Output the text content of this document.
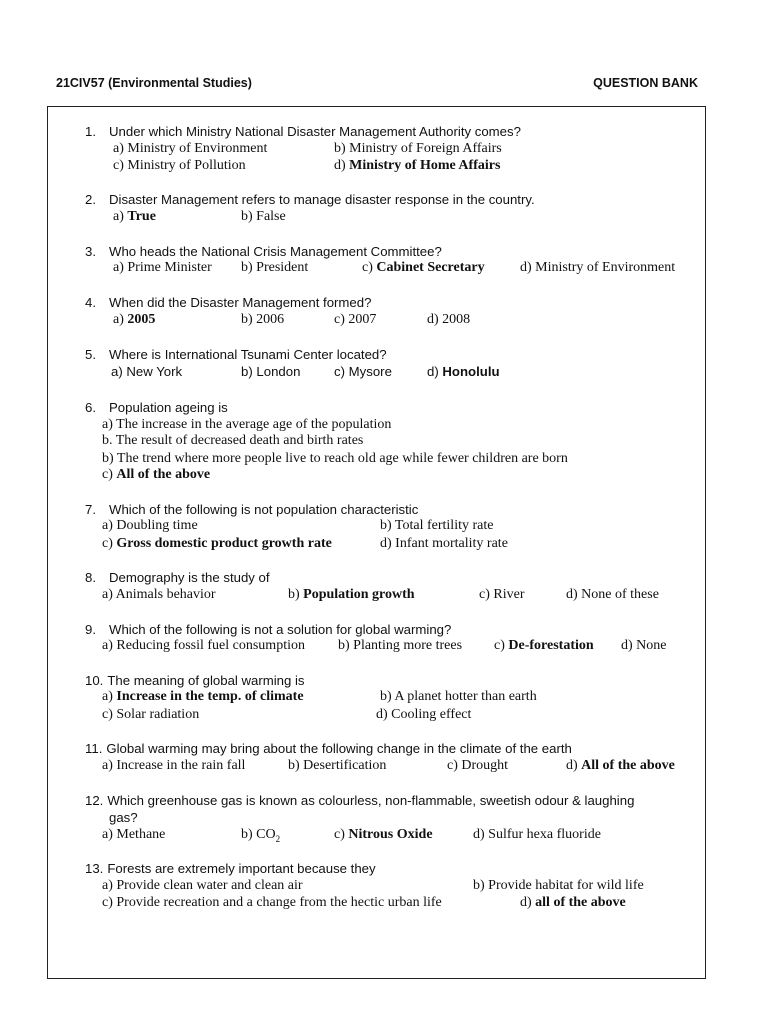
21CIV57 (Environmental Studies)	QUESTION BANK
1. Under which Ministry National Disaster Management Authority comes?
a) Ministry of Environment	b) Ministry of Foreign Affairs
c) Ministry of Pollution	d) Ministry of Home Affairs
2. Disaster Management refers to manage disaster response in the country.
a) True	b) False
3. Who heads the National Crisis Management Committee?
a) Prime Minister b) President	c) Cabinet Secretary	d) Ministry of Environment
4. When did the Disaster Management formed?
a) 2005	b) 2006	c) 2007	d) 2008
5. Where is International Tsunami Center located?
a) New York	b) London	c) Mysore	d) Honolulu
6. Population ageing is
a) The increase in the average age of the population
b. The result of decreased death and birth rates
b) The trend where more people live to reach old age while fewer children are born
c) All of the above
7. Which of the following is not population characteristic
a) Doubling time	b) Total fertility rate
c) Gross domestic product growth rate	d) Infant mortality rate
8. Demography is the study of
a) Animals behavior	b) Population growth	c) River	d) None of these
9. Which of the following is not a solution for global warming?
a) Reducing fossil fuel consumption b) Planting more trees c) De-forestation d) None
10. The meaning of global warming is
a) Increase in the temp. of climate	b) A planet hotter than earth
c) Solar radiation	d) Cooling effect
11. Global warming may bring about the following change in the climate of the earth
a) Increase in the rain fall	b) Desertification	c) Drought	d) All of the above
12. Which greenhouse gas is known as colourless, non-flammable, sweetish odour & laughing
gas?
a) Methane	b) $CO_2$	c) Nitrous Oxide	d) Sulfur hexa fluoride
13. Forests are extremely important because they
a) Provide clean water and clean air	b) Provide habitat for wild life
c) Provide recreation and a change from the hectic urban life	d) all of the above
